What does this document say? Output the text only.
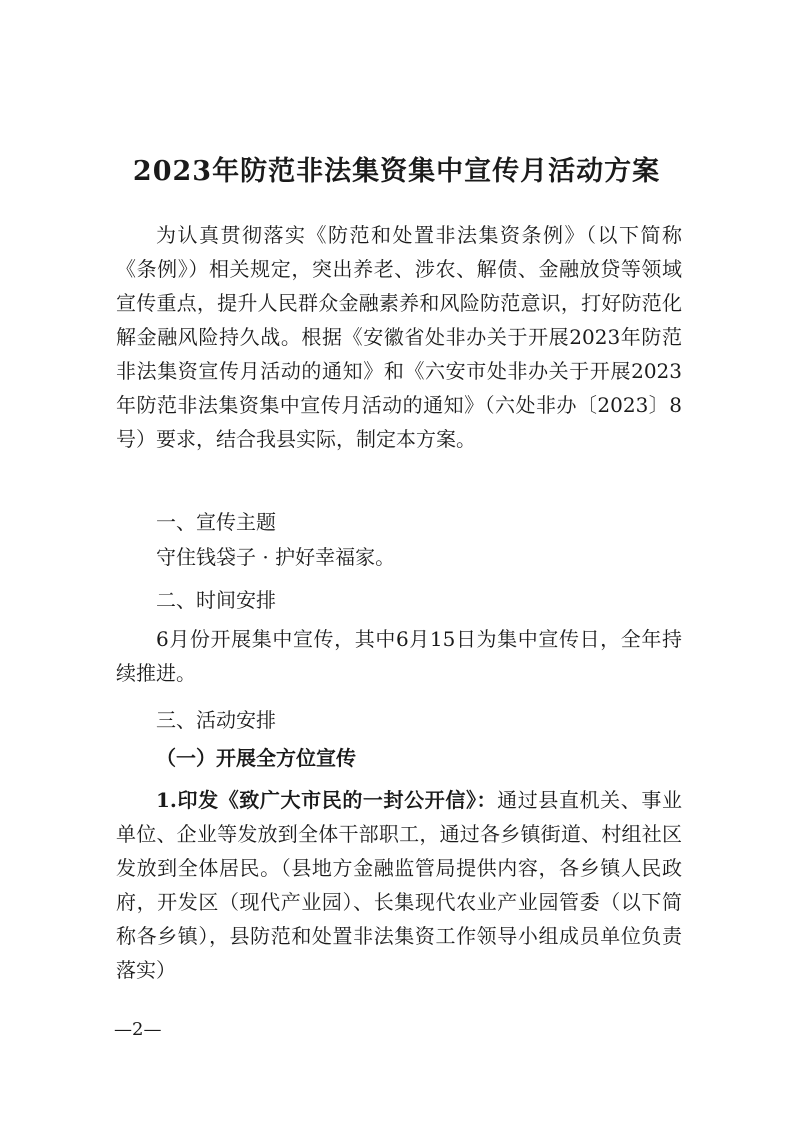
2023年防范非法集资集中宣传月活动方案

为认真贯彻落实《防范和处置非法集资条例》（以下简称《条例》）相关规定，突出养老、涉农、解债、金融放贷等领域宣传重点，提升人民群众金融素养和风险防范意识，打好防范化解金融风险持久战。根据《安徽省处非办关于开展2023年防范非法集资宣传月活动的通知》和《六安市处非办关于开展2023年防范非法集资集中宣传月活动的通知》（六处非办〔2023〕8号）要求，结合我县实际，制定本方案。

一、宣传主题

守住钱袋子 · 护好幸福家。

二、时间安排

6月份开展集中宣传，其中6月15日为集中宣传日，全年持续推进。

三、活动安排
（一）开展全方位宣传

1.印发《致广大市民的一封公开信》：通过县直机关、事业单位、企业等发放到全体干部职工，通过各乡镇街道、村组社区发放到全体居民。（县地方金融监管局提供内容，各乡镇人民政府，开发区（现代产业园）、长集现代农业产业园管委（以下简称各乡镇），县防范和处置非法集资工作领导小组成员单位负责落实）

—2—
